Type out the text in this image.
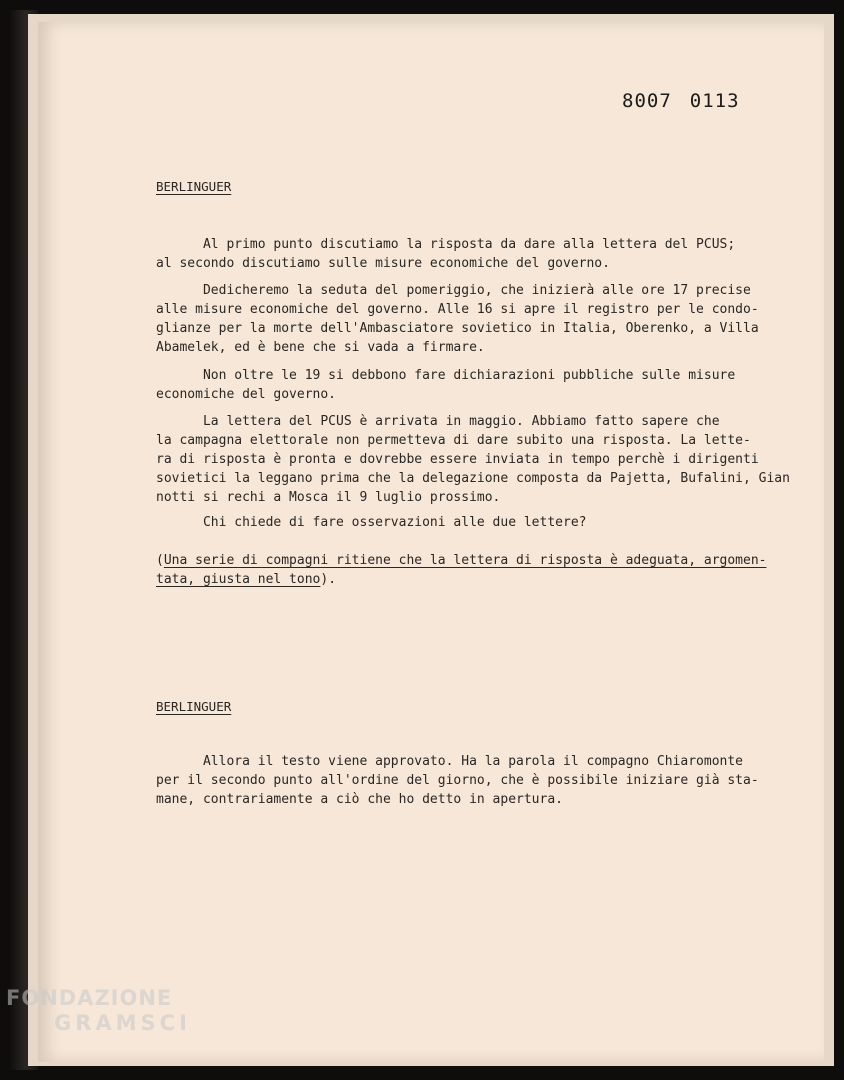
8007 0113
BERLINGUER

Al primo punto discutiamo la risposta da dare alla lettera del PCUS;
al secondo discutiamo sulle misure economiche del governo.

Dedicheremo la seduta del pomeriggio, che inizierà alle ore 17 precise
alle misure economiche del governo. Alle 16 si apre il registro per le condo-
glianze per la morte dell'Ambasciatore sovietico in Italia, Oberenko, a Villa
Abamelek, ed è bene che si vada a firmare.

Non oltre le 19 si debbono fare dichiarazioni pubbliche sulle misure
economiche del governo.

La lettera del PCUS è arrivata in maggio. Abbiamo fatto sapere che
la campagna elettorale non permetteva di dare subito una risposta. La lette-
ra di risposta è pronta e dovrebbe essere inviata in tempo perchè i dirigenti
sovietici la leggano prima che la delegazione composta da Pajetta, Bufalini, Gian
notti si rechi a Mosca il 9 luglio prossimo.

Chi chiede di fare osservazioni alle due lettere?

(Una serie di compagni ritiene che la lettera di risposta è adeguata, argomen-
tata, giusta nel tono).
BERLINGUER

Allora il testo viene approvato. Ha la parola il compagno Chiaromonte
per il secondo punto all'ordine del giorno, che è possibile iniziare già sta-
mane, contrariamente a ciò che ho detto in apertura.

FONDAZIONE
GRAMSCI
